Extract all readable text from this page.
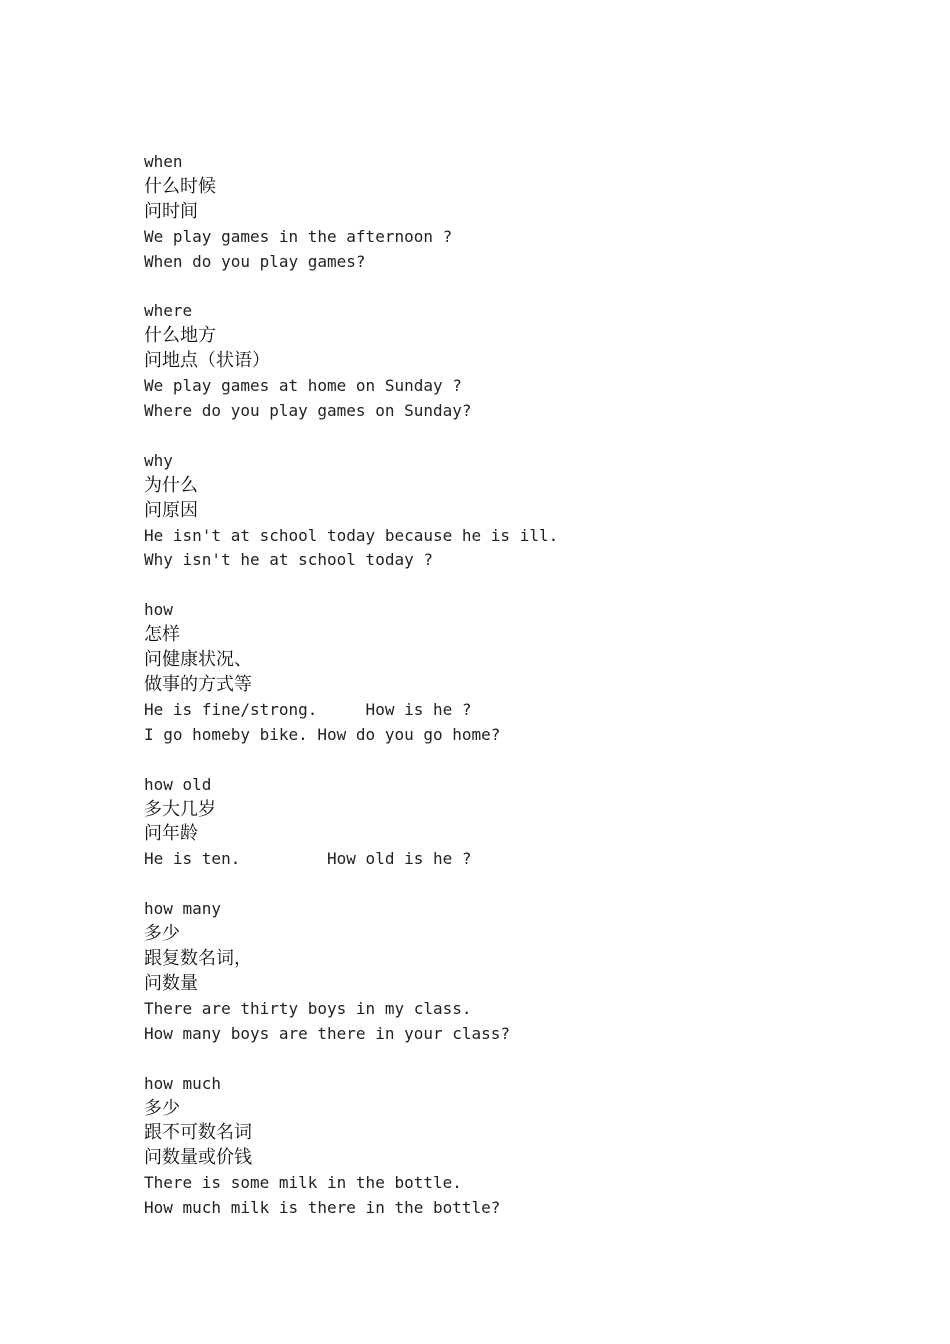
when
什么时候
问时间
We play games in the afternoon ?
When do you play games?
where
什么地方
问地点（状语）
We play games at home on Sunday ?
Where do you play games on Sunday?
why
为什么
问原因
He isn't at school today because he is ill.
Why isn't he at school today ?
how
怎样
问健康状况、
做事的方式等
He is fine/strong.     How is he ?
I go homeby bike. How do you go home?
how old
多大几岁
问年龄
He is ten.         How old is he ?
how many
多少
跟复数名词，
问数量
There are thirty boys in my class.
How many boys are there in your class?
how much
多少
跟不可数名词
问数量或价钱
There is some milk in the bottle.
How much milk is there in the bottle?
